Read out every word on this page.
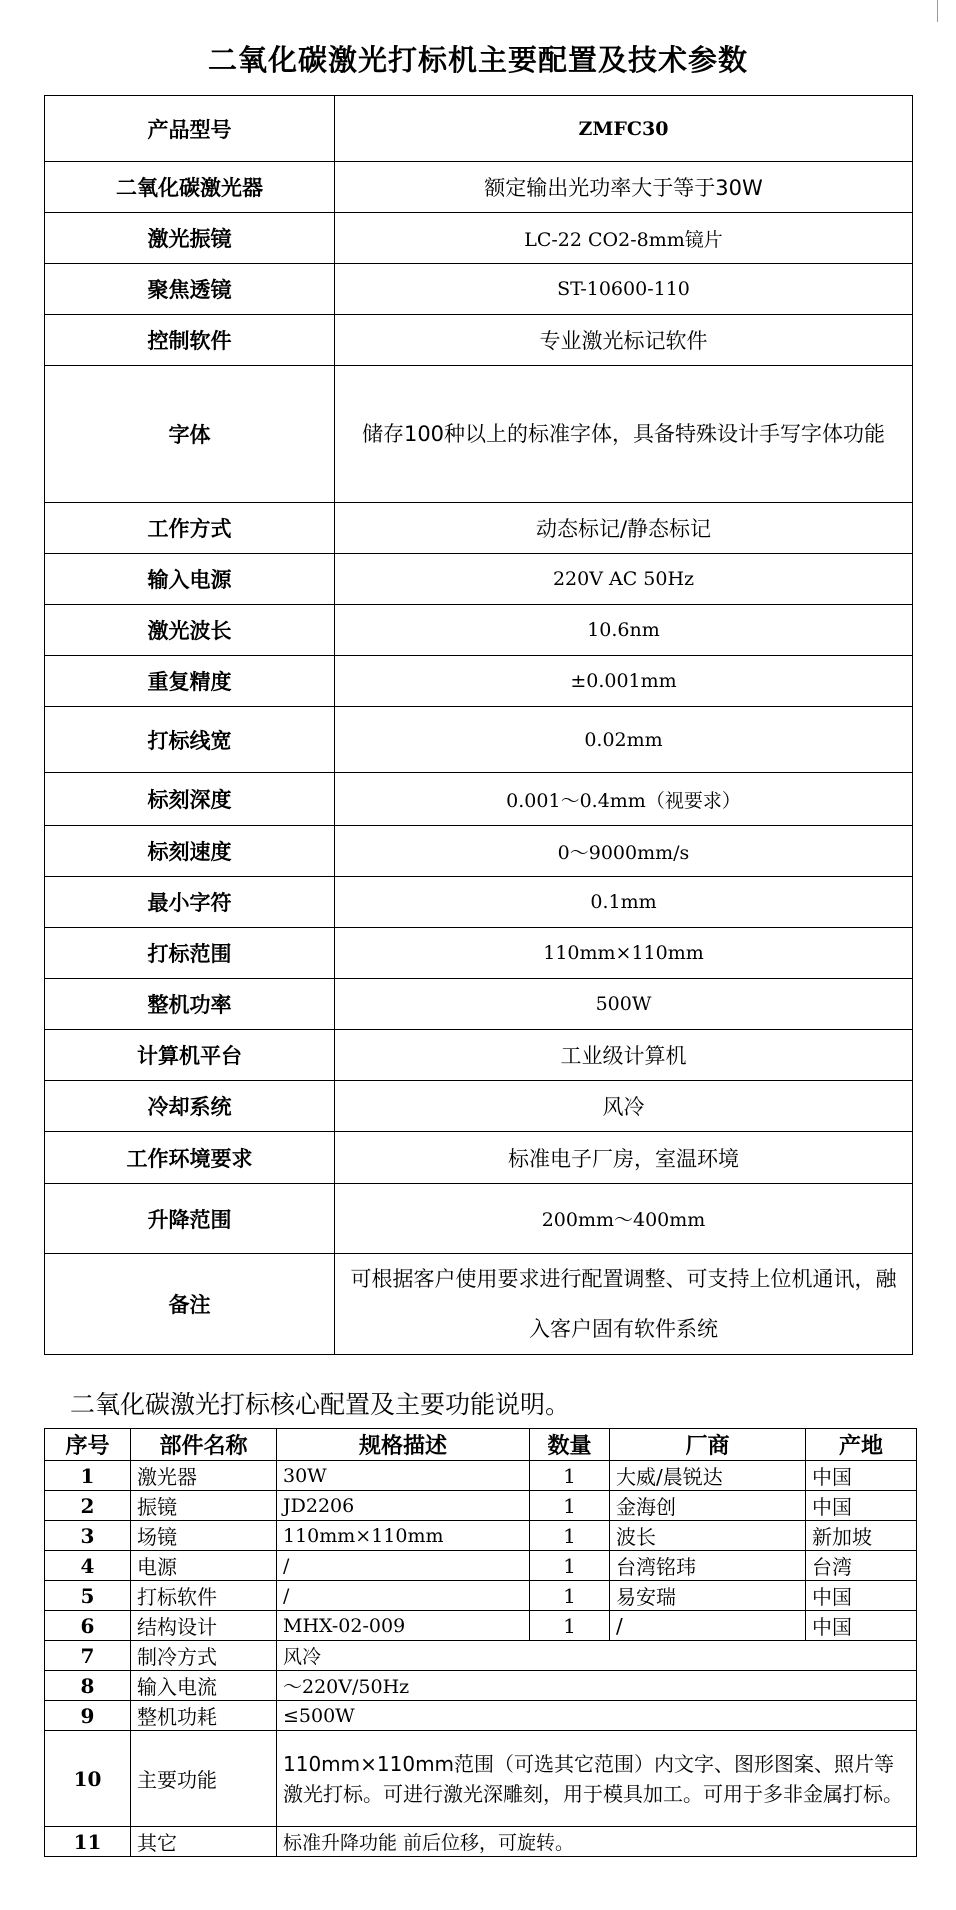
二氧化碳激光打标机主要配置及技术参数
产品型号	ZMFC30
二氧化碳激光器	额定输出光功率大于等于30W
激光振镜	LC-22 CO2-8mm镜片
聚焦透镜	ST-10600-110
控制软件	专业激光标记软件
字体	储存100种以上的标准字体，具备特殊设计手写字体功能
工作方式	动态标记/静态标记
输入电源	220V AC 50Hz
激光波长	10.6nm
重复精度	±0.001mm
打标线宽	0.02mm
标刻深度	0.001～0.4mm（视要求）
标刻速度	0～9000mm/s
最小字符	0.1mm
打标范围	110mm×110mm
整机功率	500W
计算机平台	工业级计算机
冷却系统	风冷
工作环境要求	标准电子厂房，室温环境
升降范围	200mm～400mm
备注	可根据客户使用要求进行配置调整、可支持上位机通讯，融入客户固有软件系统
二氧化碳激光打标核心配置及主要功能说明。
序号	部件名称	规格描述	数量	厂商	产地
1	激光器	30W	1	大威/晨锐达	中国
2	振镜	JD2206	1	金海创	中国
3	场镜	110mm×110mm	1	波长	新加坡
4	电源	/	1	台湾铭玮	台湾
5	打标软件	/	1	易安瑞	中国
6	结构设计	MHX-02-009	1	/	中国
7	制冷方式	风冷			
8	输入电流	～220V/50Hz			
9	整机功耗	≤500W			
10	主要功能	110mm×110mm范围（可选其它范围）内文字、图形图案、照片等激光打标。可进行激光深雕刻，用于模具加工。可用于多非金属打标。			
11	其它	标准升降功能 前后位移，可旋转。			
